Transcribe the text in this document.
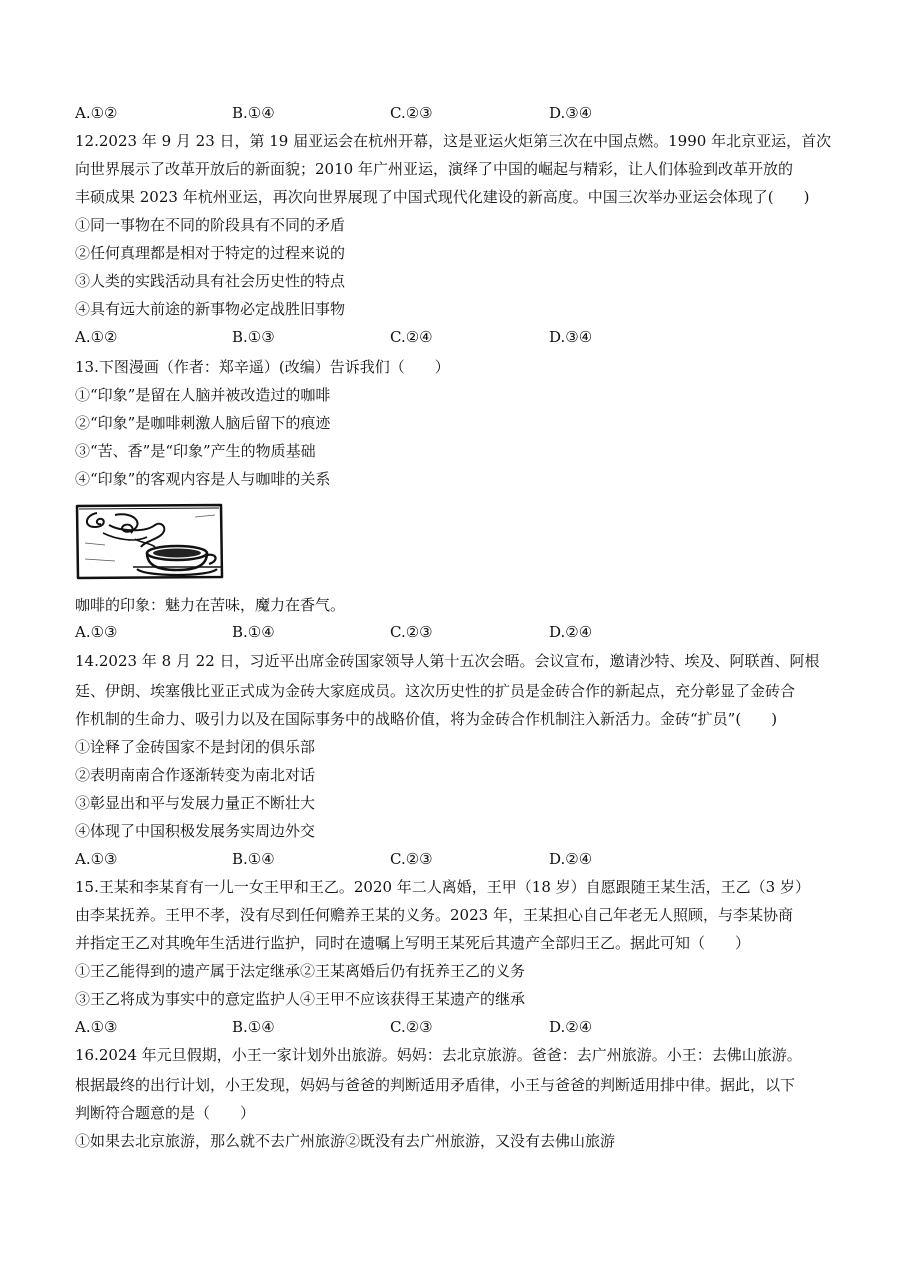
A.①②	B.①④	C.②③	D.③④
12.2023 年 9 月 23 日，第 19 届亚运会在杭州开幕，这是亚运火炬第三次在中国点燃。1990 年北京亚运，首次
向世界展示了改革开放后的新面貌；2010 年广州亚运，演绎了中国的崛起与精彩，让人们体验到改革开放的
丰硕成果 2023 年杭州亚运，再次向世界展现了中国式现代化建设的新高度。中国三次举办亚运会体现了(　　)
①同一事物在不同的阶段具有不同的矛盾
②任何真理都是相对于特定的过程来说的
③人类的实践活动具有社会历史性的特点
④具有远大前途的新事物必定战胜旧事物
A.①②	B.①③	C.②④	D.③④
13.下图漫画（作者：郑辛遥）(改编）告诉我们（　　）
①“印象”是留在人脑并被改造过的咖啡
②“印象”是咖啡刺激人脑后留下的痕迹
③“苦、香”是“印象”产生的物质基础
④“印象”的客观内容是人与咖啡的关系
咖啡的印象：魅力在苦味，魔力在香气。
A.①③	B.①④	C.②③	D.②④
14.2023 年 8 月 22 日，习近平出席金砖国家领导人第十五次会晤。会议宣布，邀请沙特、埃及、阿联酋、阿根
廷、伊朗、埃塞俄比亚正式成为金砖大家庭成员。这次历史性的扩员是金砖合作的新起点，充分彰显了金砖合
作机制的生命力、吸引力以及在国际事务中的战略价值，将为金砖合作机制注入新活力。金砖“扩员”(　　)
①诠释了金砖国家不是封闭的俱乐部
②表明南南合作逐渐转变为南北对话
③彰显出和平与发展力量正不断壮大
④体现了中国积极发展务实周边外交
A.①③	B.①④	C.②③	D.②④
15.王某和李某育有一儿一女王甲和王乙。2020 年二人离婚，王甲（18 岁）自愿跟随王某生活，王乙（3 岁）
由李某抚养。王甲不孝，没有尽到任何赡养王某的义务。2023 年，王某担心自己年老无人照顾，与李某协商
并指定王乙对其晚年生活进行监护，同时在遗嘱上写明王某死后其遗产全部归王乙。据此可知（　　）
①王乙能得到的遗产属于法定继承②王某离婚后仍有抚养王乙的义务
③王乙将成为事实中的意定监护人④王甲不应该获得王某遗产的继承
A.①③	B.①④	C.②③	D.②④
16.2024 年元旦假期，小王一家计划外出旅游。妈妈：去北京旅游。爸爸：去广州旅游。小王：去佛山旅游。
根据最终的出行计划，小王发现，妈妈与爸爸的判断适用矛盾律，小王与爸爸的判断适用排中律。据此，以下
判断符合题意的是（　　）
①如果去北京旅游，那么就不去广州旅游②既没有去广州旅游，又没有去佛山旅游
